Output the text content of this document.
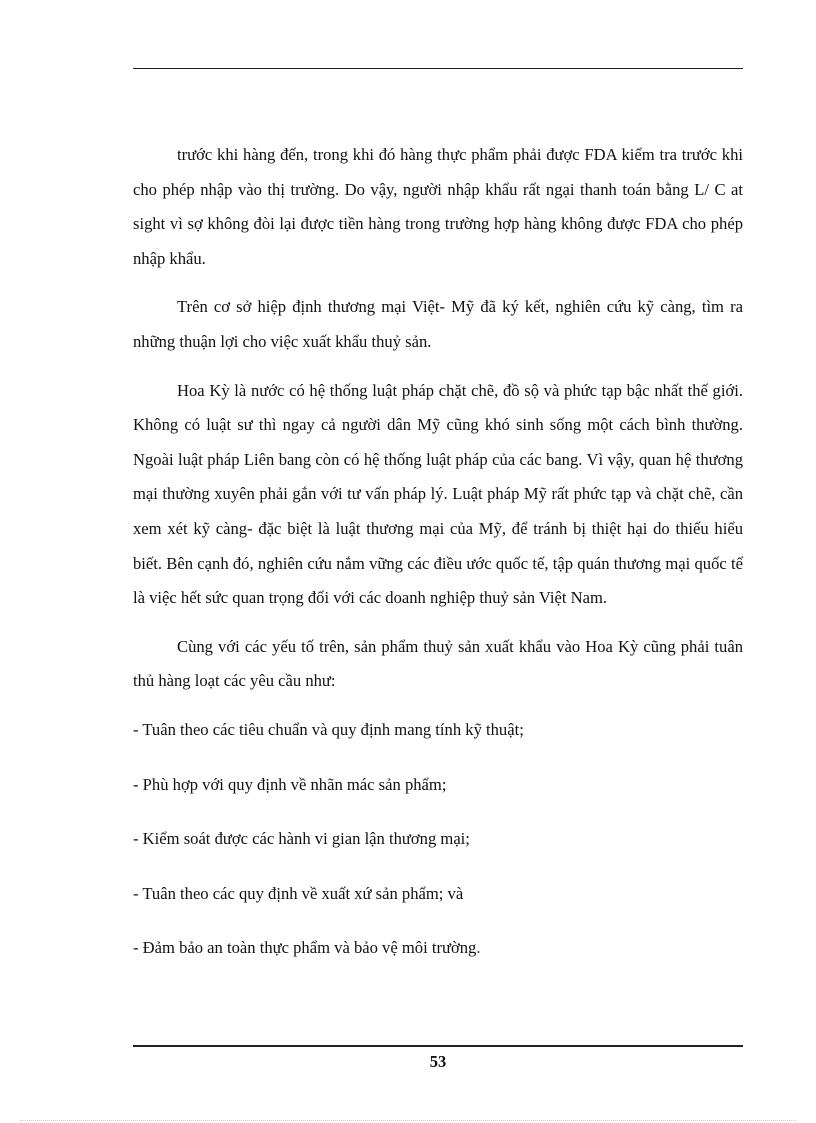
trước khi hàng đến, trong khi đó hàng thực phẩm phải được FDA kiểm tra trước khi cho phép nhập vào thị trường. Do vậy, người nhập khẩu rất ngại thanh toán bằng L/ C at sight vì sợ không đòi lại được tiền hàng trong trường hợp hàng không được FDA cho phép nhập khẩu.

Trên cơ sở hiệp định thương mại Việt- Mỹ đã ký kết, nghiên cứu kỹ càng, tìm ra những thuận lợi cho việc xuất khẩu thuỷ sản.

Hoa Kỳ là nước có hệ thống luật pháp chặt chẽ, đồ sộ và phức tạp bậc nhất thế giới. Không có luật sư thì ngay cả người dân Mỹ cũng khó sinh sống một cách bình thường. Ngoài luật pháp Liên bang còn có hệ thống luật pháp của các bang. Vì vậy, quan hệ thương mại thường xuyên phải gắn với tư vấn pháp lý. Luật pháp Mỹ rất phức tạp và chặt chẽ, cần xem xét kỹ càng- đặc biệt là luật thương mại của Mỹ, để tránh bị thiệt hại do thiếu hiểu biết. Bên cạnh đó, nghiên cứu nắm vững các điều ước quốc tế, tập quán thương mại quốc tế là việc hết sức quan trọng đối với các doanh nghiệp thuỷ sản Việt Nam.

Cùng với các yếu tố trên, sản phẩm thuỷ sản xuất khẩu vào Hoa Kỳ cũng phải tuân thủ hàng loạt các yêu cầu như:

- Tuân theo các tiêu chuẩn và quy định mang tính kỹ thuật;
- Phù hợp với quy định về nhãn mác sản phẩm;
- Kiểm soát được các hành vi gian lận thương mại;
- Tuân theo các quy định về xuất xứ sản phẩm; và
- Đảm bảo an toàn thực phẩm và bảo vệ môi trường.
53
